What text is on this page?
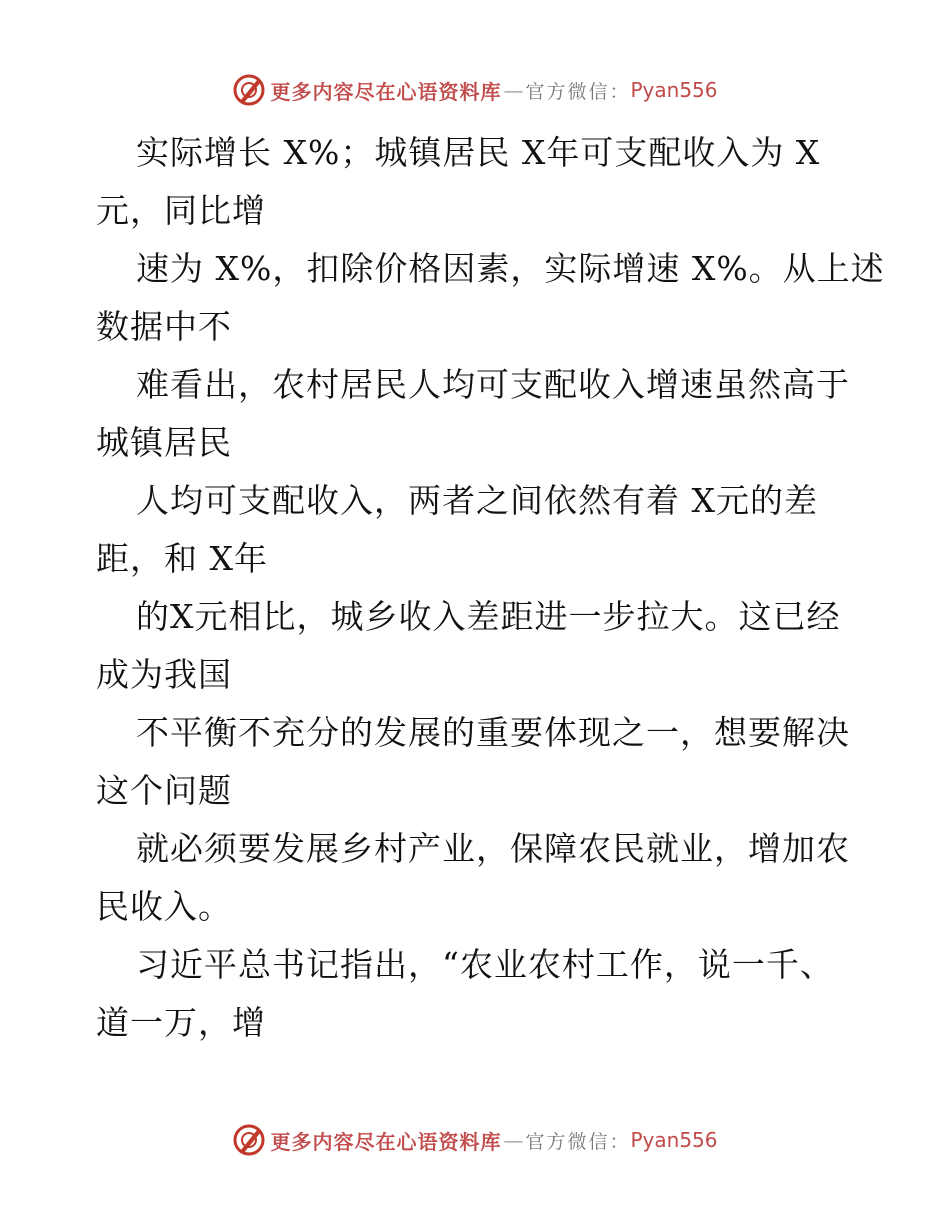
更多内容尽在心语资料库 — 官方微信： Pyan556
实际增长 X%；城镇居民 X年可支配收入为 X
元，同比增
速为 X%，扣除价格因素，实际增速 X%。从上述
数据中不
难看出，农村居民人均可支配收入增速虽然高于
城镇居民
人均可支配收入，两者之间依然有着 X元的差
距，和 X年
的X元相比，城乡收入差距进一步拉大。这已经
成为我国
不平衡不充分的发展的重要体现之一，想要解决
这个问题
就必须要发展乡村产业，保障农民就业，增加农
民收入。
习近平总书记指出，“农业农村工作，说一千、
道一万，增
更多内容尽在心语资料库 — 官方微信： Pyan556
